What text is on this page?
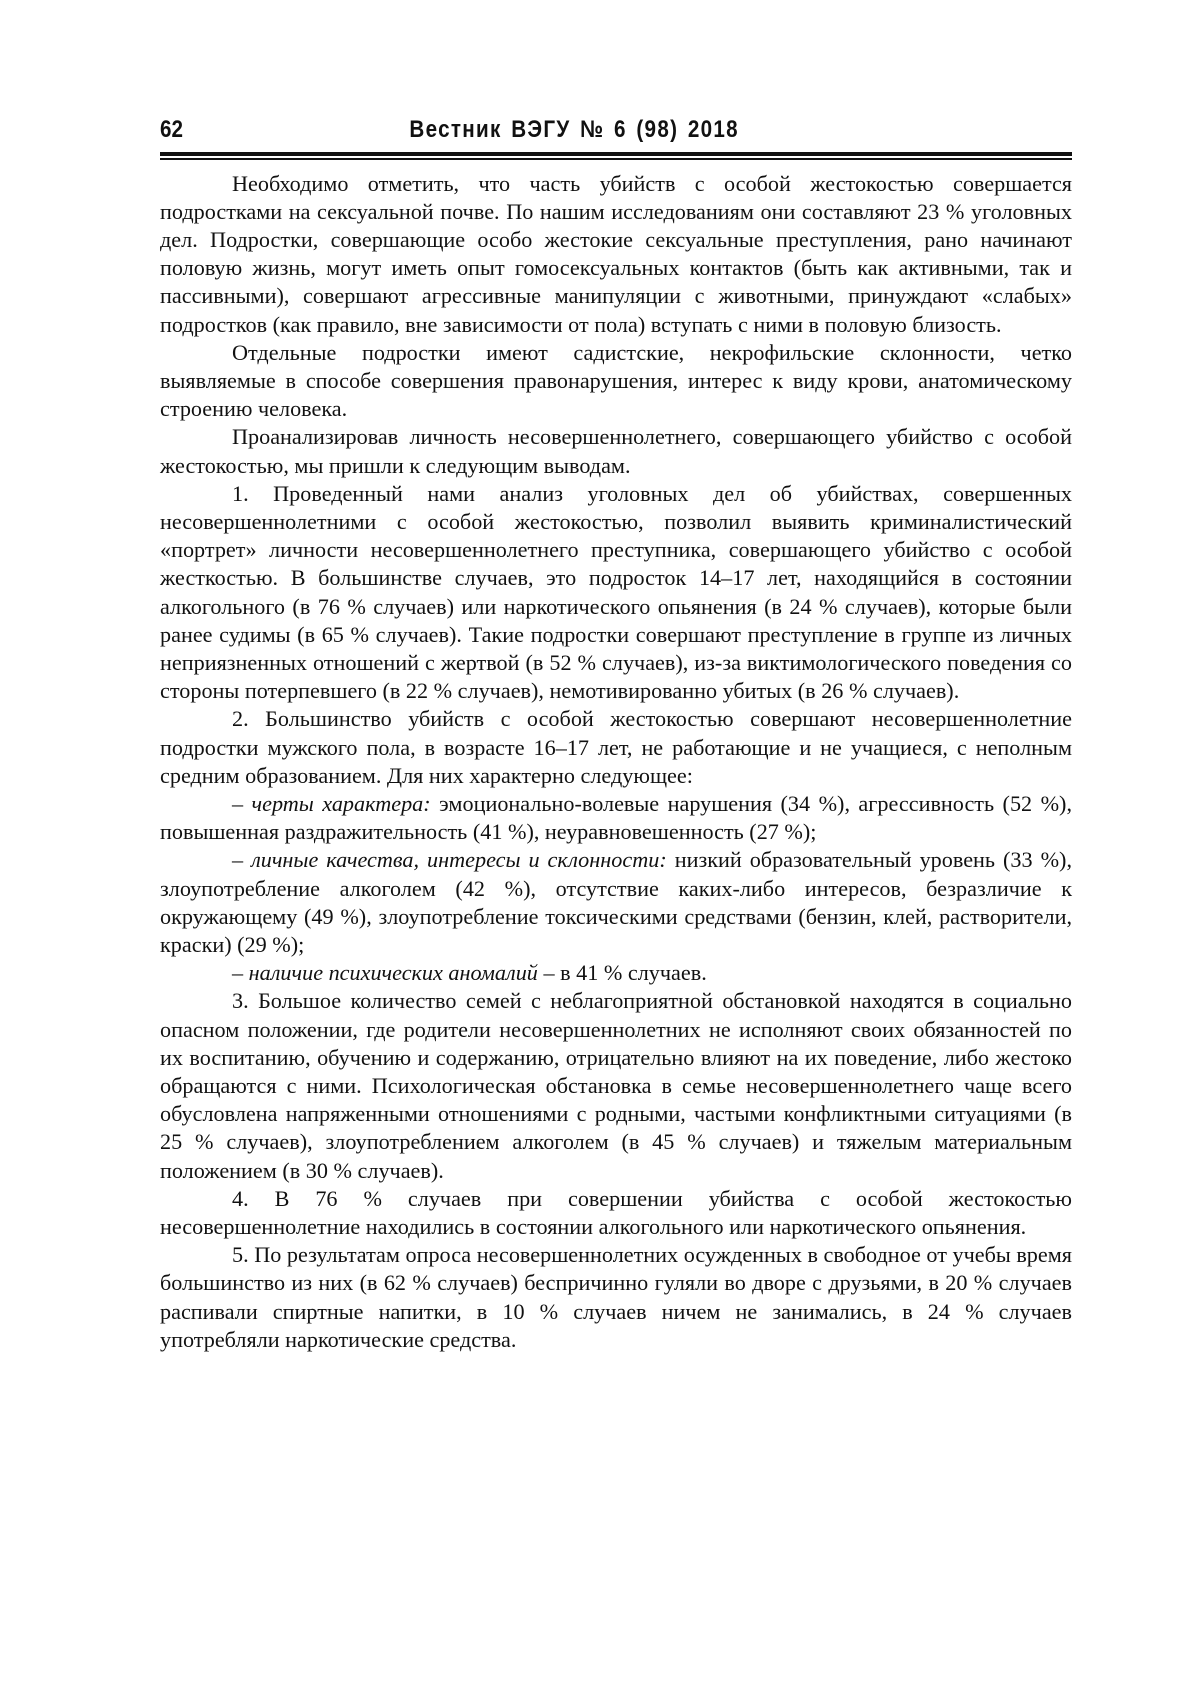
62	Вестник ВЭГУ № 6 (98) 2018

Необходимо отметить, что часть убийств с особой жестокостью совершается подростками на сексуальной почве. По нашим исследованиям они составляют 23 % уголовных дел. Подростки, совершающие особо жестокие сексуальные преступления, рано начинают половую жизнь, могут иметь опыт гомосексуальных контактов (быть как активными, так и пассивными), совершают агрессивные манипуляции с животными, принуждают «слабых» подростков (как правило, вне зависимости от пола) вступать с ними в половую близость.

Отдельные подростки имеют садистские, некрофильские склонности, четко выявляемые в способе совершения правонарушения, интерес к виду крови, анатомическому строению человека.

Проанализировав личность несовершеннолетнего, совершающего убийство с особой жестокостью, мы пришли к следующим выводам.

1. Проведенный нами анализ уголовных дел об убийствах, совершенных несовершеннолетними с особой жестокостью, позволил выявить криминалистический «портрет» личности несовершеннолетнего преступника, совершающего убийство с особой жесткостью. В большинстве случаев, это подросток 14–17 лет, находящийся в состоянии алкогольного (в 76 % случаев) или наркотического опьянения (в 24 % случаев), которые были ранее судимы (в 65 % случаев). Такие подростки совершают преступление в группе из личных неприязненных отношений с жертвой (в 52 % случаев), из-за виктимологического поведения со стороны потерпевшего (в 22 % случаев), немотивированно убитых (в 26 % случаев).

2. Большинство убийств с особой жестокостью совершают несовершеннолетние подростки мужского пола, в возрасте 16–17 лет, не работающие и не учащиеся, с неполным средним образованием. Для них характерно следующее:

– черты характера: эмоционально-волевые нарушения (34 %), агрессивность (52 %), повышенная раздражительность (41 %), неуравновешенность (27 %);

– личные качества, интересы и склонности: низкий образовательный уровень (33 %), злоупотребление алкоголем (42 %), отсутствие каких-либо интересов, безразличие к окружающему (49 %), злоупотребление токсическими средствами (бензин, клей, растворители, краски) (29 %);

– наличие психических аномалий – в 41 % случаев.

3. Большое количество семей с неблагоприятной обстановкой находятся в социально опасном положении, где родители несовершеннолетних не исполняют своих обязанностей по их воспитанию, обучению и содержанию, отрицательно влияют на их поведение, либо жестоко обращаются с ними. Психологическая обстановка в семье несовершеннолетнего чаще всего обусловлена напряженными отношениями с родными, частыми конфликтными ситуациями (в 25 % случаев), злоупотреблением алкоголем (в 45 % случаев) и тяжелым материальным положением (в 30 % случаев).

4. В 76 % случаев при совершении убийства с особой жестокостью несовершеннолетние находились в состоянии алкогольного или наркотического опьянения.

5. По результатам опроса несовершеннолетних осужденных в свободное от учебы время большинство из них (в 62 % случаев) беспричинно гуляли во дворе с друзьями, в 20 % случаев распивали спиртные напитки, в 10 % случаев ничем не занимались, в 24 % случаев употребляли наркотические средства.
